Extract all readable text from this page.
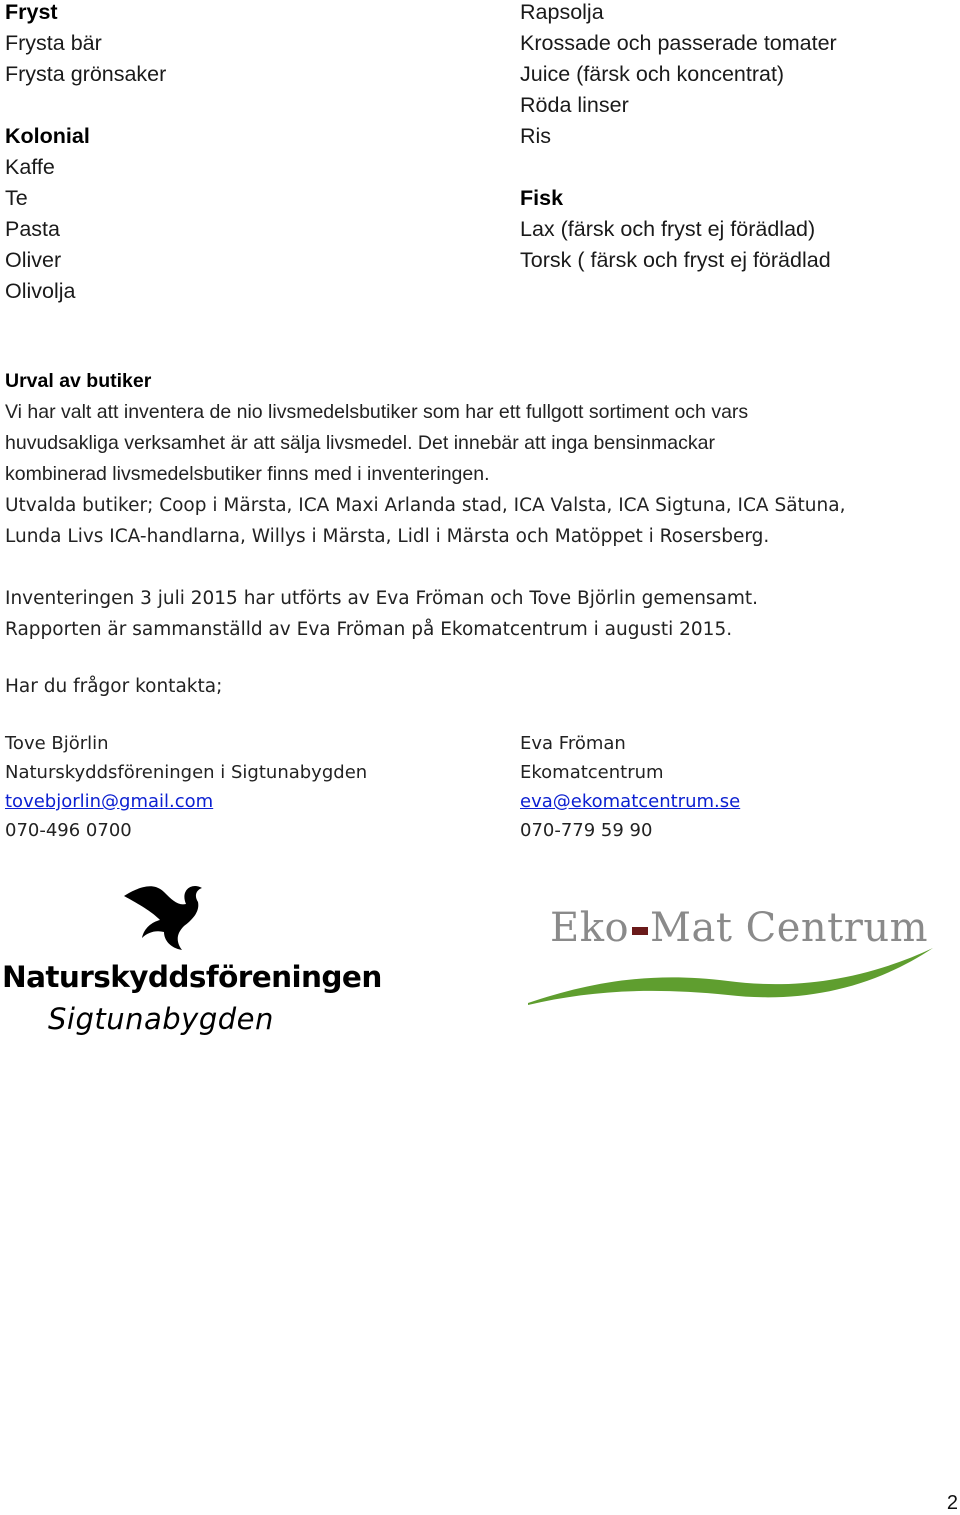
Fryst
Frysta bär
Frysta grönsaker
Kolonial
Kaffe
Te
Pasta
Oliver
Olivolja
Rapsolja
Krossade och passerade tomater
Juice (färsk och koncentrat)
Röda linser
Ris
Fisk
Lax (färsk och fryst ej förädlad)
Torsk ( färsk och fryst ej förädlad
Urval av butiker
Vi har valt att inventera de nio livsmedelsbutiker som har ett fullgott sortiment och vars
huvudsakliga verksamhet är att sälja livsmedel. Det innebär att inga bensinmackar
kombinerad livsmedelsbutiker finns med i inventeringen.
Utvalda butiker; Coop i Märsta, ICA Maxi Arlanda stad, ICA Valsta, ICA Sigtuna, ICA Sätuna,
Lunda Livs ICA-handlarna, Willys i Märsta, Lidl i Märsta och Matöppet i Rosersberg.
Inventeringen 3 juli 2015 har utförts av Eva Fröman och Tove Björlin gemensamt.
Rapporten är sammanställd av Eva Fröman på Ekomatcentrum i augusti 2015.
Har du frågor kontakta;
Tove Björlin
Naturskyddsföreningen i Sigtunabygden
tovebjorlin@gmail.com
070-496 0700
Eva Fröman
Ekomatcentrum
eva@ekomatcentrum.se
070-779 59 90
Naturskyddsföreningen
Sigtunabygden
Eko Mat Centrum
2
